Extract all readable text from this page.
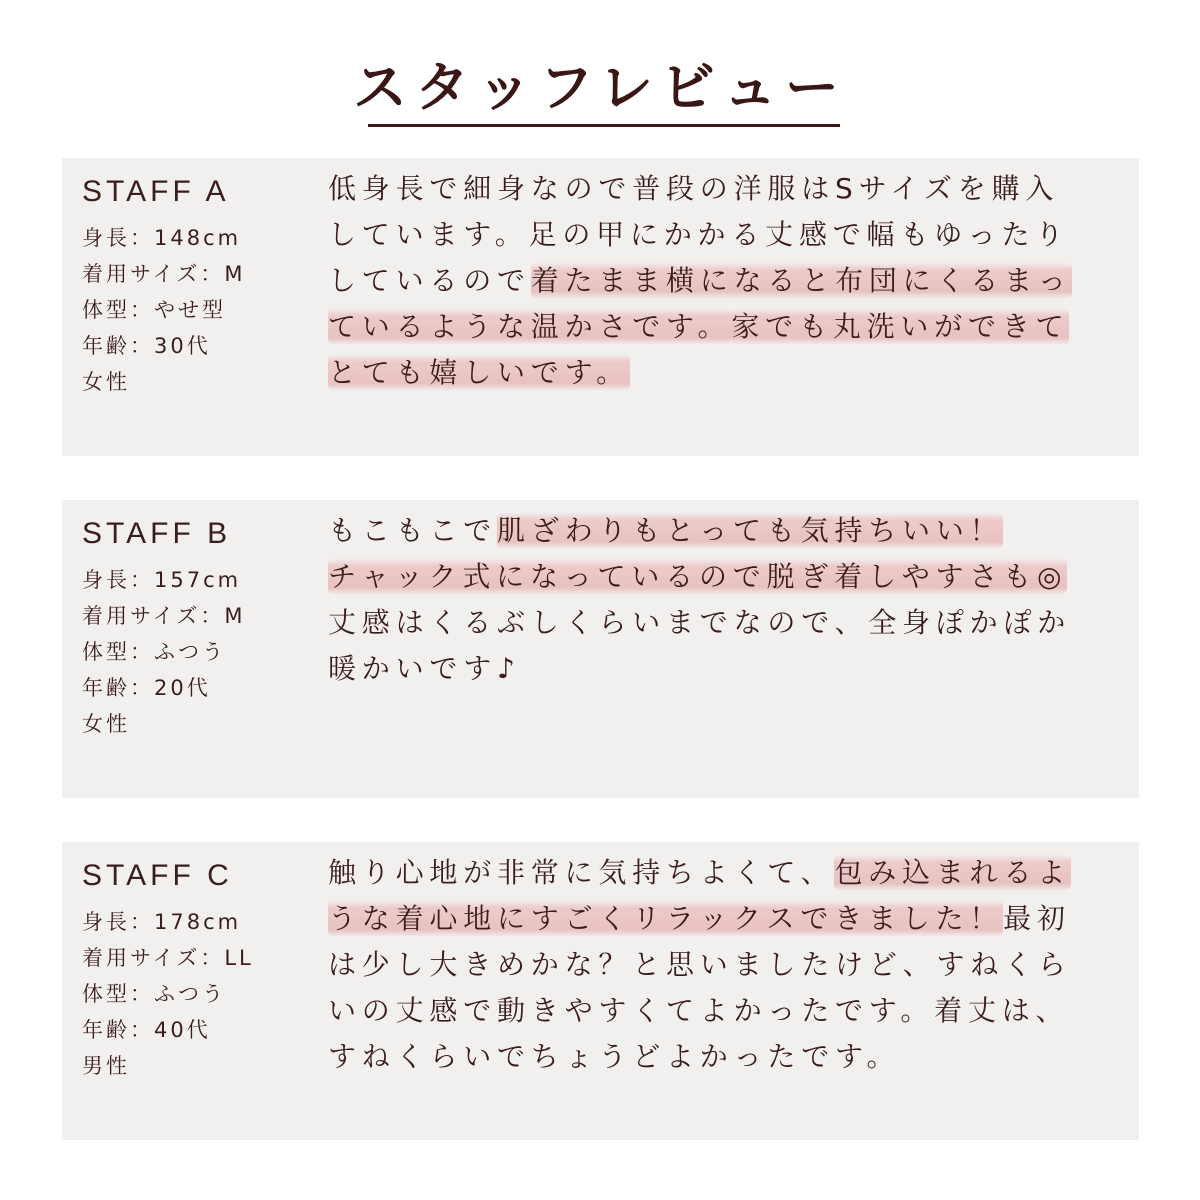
スタッフレビュー
STAFF A
身長：148cm
着用サイズ：M
体型：やせ型
年齢：30代
女性
低身長で細身なので普段の洋服はSサイズを購入
しています。足の甲にかかる丈感で幅もゆったり
しているので着たまま横になると布団にくるまっ
ているような温かさです。家でも丸洗いができて
とても嬉しいです。
STAFF B
身長：157cm
着用サイズ：M
体型：ふつう
年齢：20代
女性
もこもこで肌ざわりもとっても気持ちいい！
チャック式になっているので脱ぎ着しやすさも◎
丈感はくるぶしくらいまでなので、全身ぽかぽか
暖かいです♪
STAFF C
身長：178cm
着用サイズ：LL
体型：ふつう
年齢：40代
男性
触り心地が非常に気持ちよくて、包み込まれるよ
うな着心地にすごくリラックスできました！最初
は少し大きめかな？と思いましたけど、すねくら
いの丈感で動きやすくてよかったです。着丈は、
すねくらいでちょうどよかったです。
